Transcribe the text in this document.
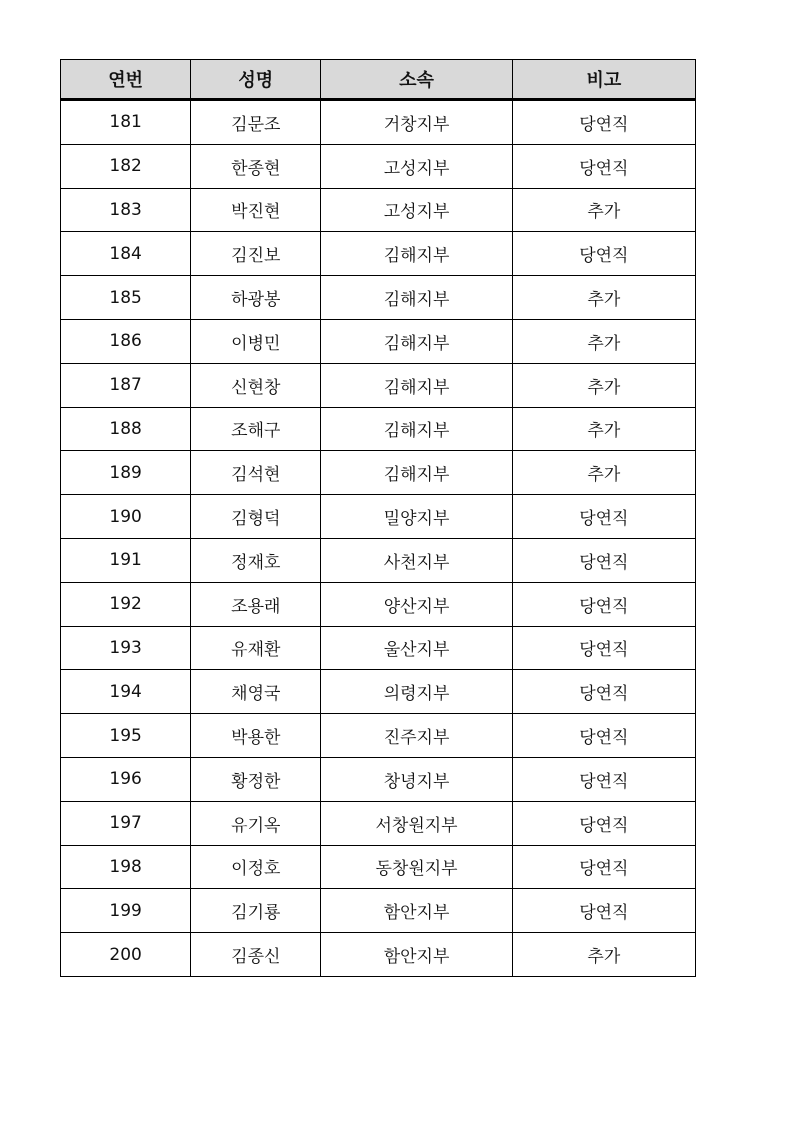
연번	성명	소속	비고
181	김문조	거창지부	당연직
182	한종현	고성지부	당연직
183	박진현	고성지부	추가
184	김진보	김해지부	당연직
185	하광봉	김해지부	추가
186	이병민	김해지부	추가
187	신현창	김해지부	추가
188	조해구	김해지부	추가
189	김석현	김해지부	추가
190	김형덕	밀양지부	당연직
191	정재호	사천지부	당연직
192	조용래	양산지부	당연직
193	유재환	울산지부	당연직
194	채영국	의령지부	당연직
195	박용한	진주지부	당연직
196	황정한	창녕지부	당연직
197	유기옥	서창원지부	당연직
198	이정호	동창원지부	당연직
199	김기룡	함안지부	당연직
200	김종신	함안지부	추가
